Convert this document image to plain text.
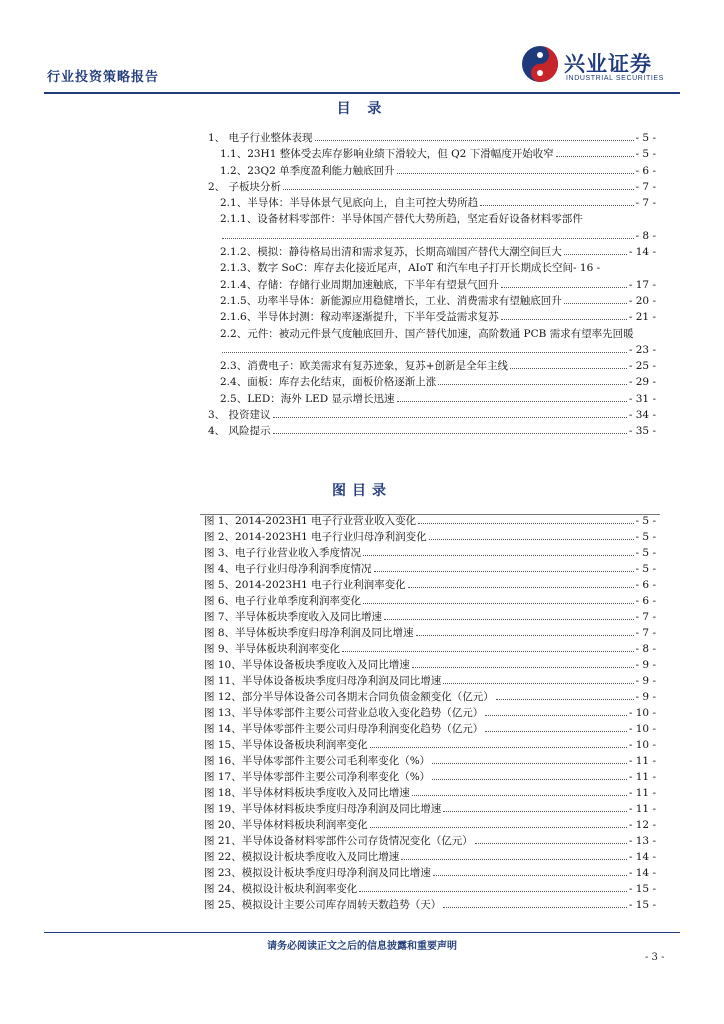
行业投资策略报告
兴业证券
INDUSTRIAL SECURITIES
目 录
1、 电子行业整体表现	- 5 -
1.1、23H1 整体受去库存影响业绩下滑较大，但 Q2 下滑幅度开始收窄	- 5 -
1.2、23Q2 单季度盈利能力触底回升	- 6 -
2、 子板块分析	- 7 -
2.1、半导体：半导体景气见底向上，自主可控大势所趋	- 7 -
2.1.1、设备材料零部件：半导体国产替代大势所趋，坚定看好设备材料零部件
- 8 -
2.1.2、模拟：静待格局出清和需求复苏，长期高端国产替代大潮空间巨大	- 14 -
2.1.3、数字 SoC：库存去化接近尾声，AIoT 和汽车电子打开长期成长空间 - 16 -
2.1.4、存储：存储行业周期加速触底，下半年有望景气回升	- 17 -
2.1.5、功率半导体：新能源应用稳健增长，工业、消费需求有望触底回升	- 20 -
2.1.6、半导体封测：稼动率逐渐提升，下半年受益需求复苏	- 21 -
2.2、元件：被动元件景气度触底回升、国产替代加速，高阶数通 PCB 需求有望率先回暖
- 23 -
2.3、消费电子：欧美需求有复苏迹象，复苏+创新是全年主线	- 25 -
2.4、面板：库存去化结束，面板价格逐渐上涨	- 29 -
2.5、LED：海外 LED 显示增长迅速	- 31 -
3、 投资建议	- 34 -
4、 风险提示	- 35 -
图目录
图 1、2014-2023H1 电子行业营业收入变化	- 5 -
图 2、2014-2023H1 电子行业归母净利润变化	- 5 -
图 3、电子行业营业收入季度情况	- 5 -
图 4、电子行业归母净利润季度情况	- 5 -
图 5、2014-2023H1 电子行业利润率变化	- 6 -
图 6、电子行业单季度利润率变化	- 6 -
图 7、半导体板块季度收入及同比增速	- 7 -
图 8、半导体板块季度归母净利润及同比增速	- 7 -
图 9、半导体板块利润率变化	- 8 -
图 10、半导体设备板块季度收入及同比增速	- 9 -
图 11、半导体设备板块季度归母净利润及同比增速	- 9 -
图 12、部分半导体设备公司各期末合同负债金额变化（亿元）	- 9 -
图 13、半导体零部件主要公司营业总收入变化趋势（亿元）	- 10 -
图 14、半导体零部件主要公司归母净利润变化趋势（亿元）	- 10 -
图 15、半导体设备板块利润率变化	- 10 -
图 16、半导体零部件主要公司毛利率变化（%）	- 11 -
图 17、半导体零部件主要公司净利率变化（%）	- 11 -
图 18、半导体材料板块季度收入及同比增速	- 11 -
图 19、半导体材料板块季度归母净利润及同比增速	- 11 -
图 20、半导体材料板块利润率变化	- 12 -
图 21、半导体设备材料零部件公司存货情况变化（亿元）	- 13 -
图 22、模拟设计板块季度收入及同比增速	- 14 -
图 23、模拟设计板块季度归母净利润及同比增速	- 14 -
图 24、模拟设计板块利润率变化	- 15 -
图 25、模拟设计主要公司库存周转天数趋势（天）	- 15 -
请务必阅读正文之后的信息披露和重要声明
- 3 -
